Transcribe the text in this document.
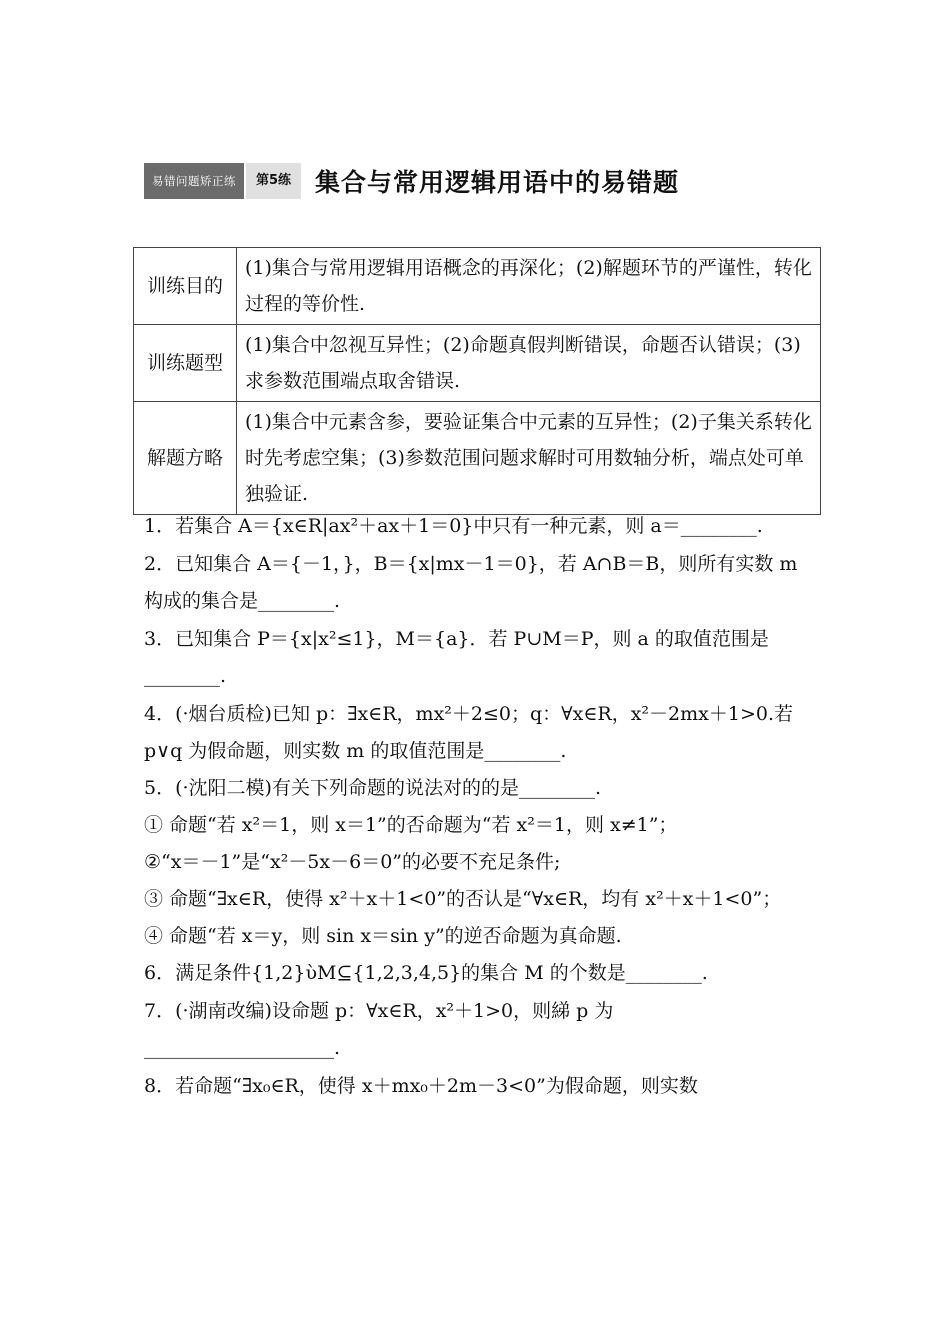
易错问题矫正练	第5练 集合与常用逻辑用语中的易错题
训练目的	(1)集合与常用逻辑用语概念的再深化；(2)解题环节的严谨性，转化过程的等价性.
训练题型	(1)集合中忽视互异性；(2)命题真假判断错误，命题否认错误；(3)求参数范围端点取舍错误.
解题方略	(1)集合中元素含参，要验证集合中元素的互异性；(2)子集关系转化时先考虑空集；(3)参数范围问题求解时可用数轴分析，端点处可单独验证.

1．若集合 A＝{x∈R|ax²＋ax＋1＝0}中只有一种元素，则 a＝________.

2．已知集合 A＝{－1，}，B＝{x|mx－1＝0}，若 A∩B＝B，则所有实数 m 构成的集合是________.

3．已知集合 P＝{x|x²≤1}，M＝{a}．若 P∪M＝P，则 a 的取值范围是________.

4．(·烟台质检)已知 p：∃x∈R，mx²＋2≤0；q：∀x∈R，x²－2mx＋1>0.若 p∨q 为假命题，则实数 m 的取值范围是________.

5．(·沈阳二模)有关下列命题的说法对的的是________.

① 命题“若 x²＝1，则 x＝1”的否命题为“若 x²＝1，则 x≠1”；

②“x＝－1”是“x²－5x－6＝0”的必要不充足条件;

③ 命题“∃x∈R，使得 x²＋x＋1<0”的否认是“∀x∈R，均有 x²＋x＋1<0”；

④ 命题“若 x＝y，则 sin x＝sin y”的逆否命题为真命题.

6．满足条件{1,2}ὺM⊆{1,2,3,4,5}的集合 M 的个数是________.

7．(·湖南改编)设命题 p：∀x∈R，x²＋1>0，则綈 p 为____________________.

8．若命题“∃x₀∈R，使得 x＋mx₀＋2m－3<0”为假命题，则实数
